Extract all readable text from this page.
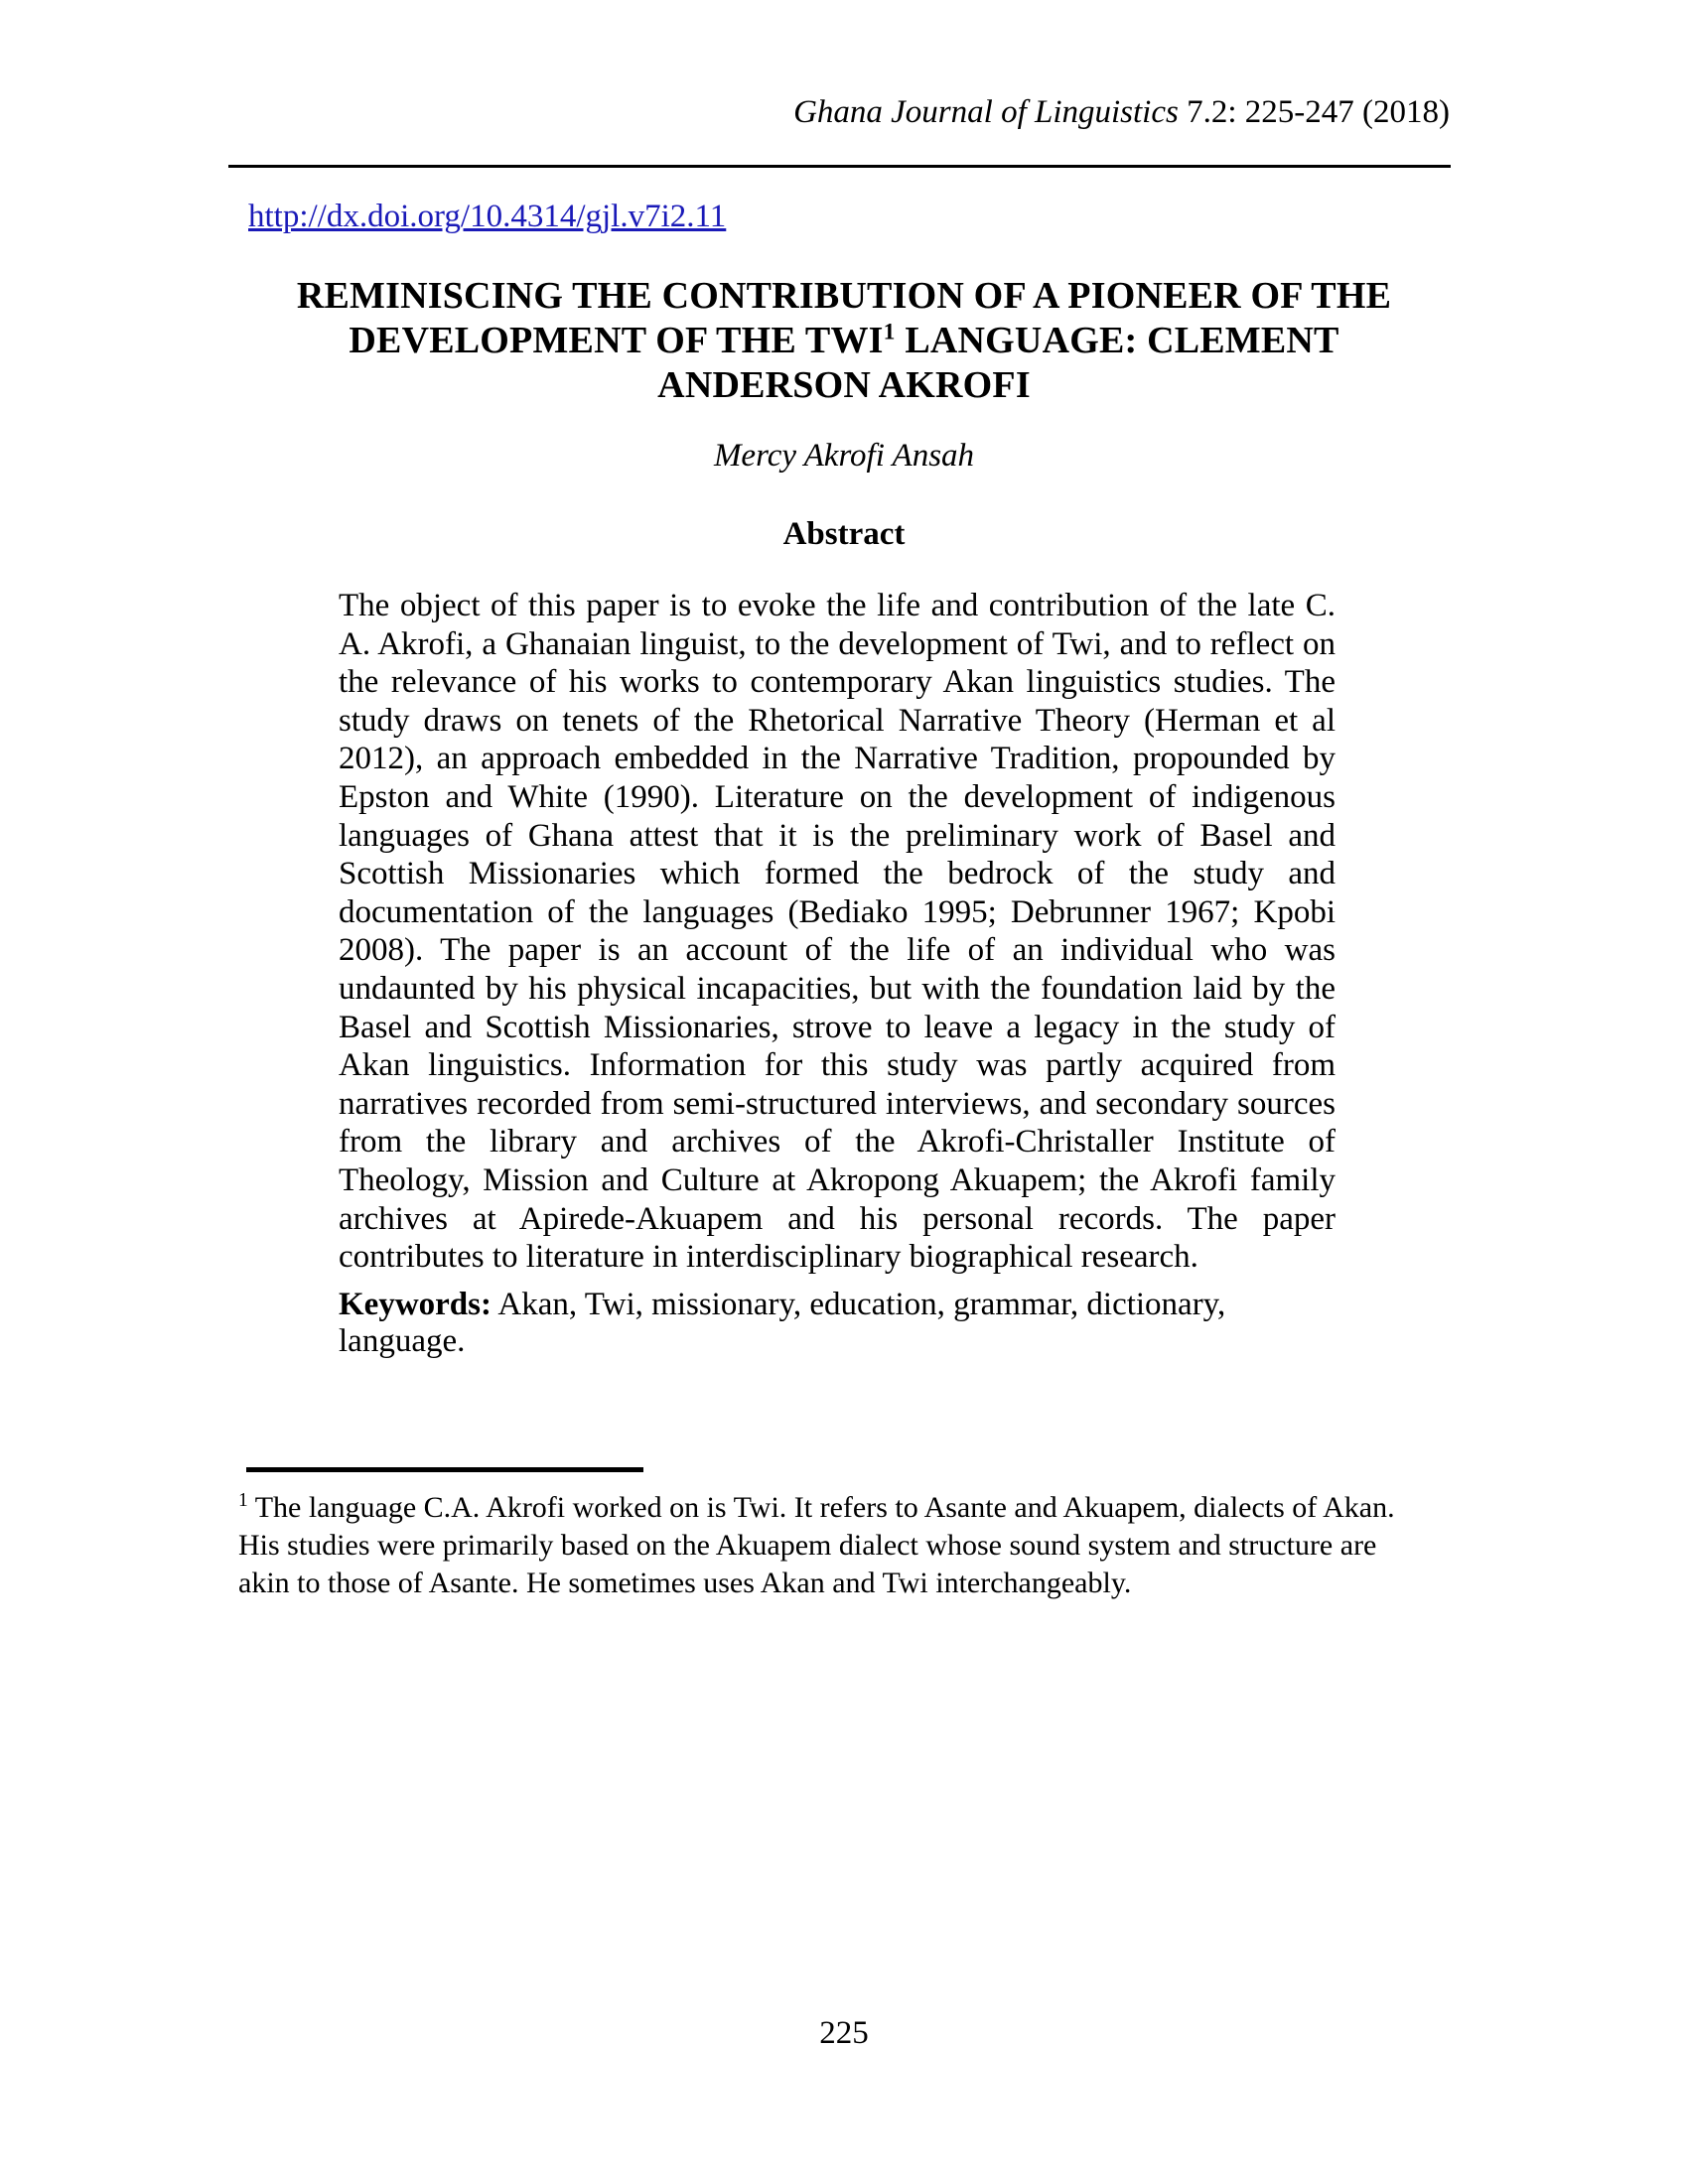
Ghana Journal of Linguistics 7.2: 225-247 (2018)
http://dx.doi.org/10.4314/gjl.v7i2.11
REMINISCING THE CONTRIBUTION OF A PIONEER OF THE
DEVELOPMENT OF THE TWI$^1$ LANGUAGE: CLEMENT
ANDERSON AKROFI
Mercy Akrofi Ansah
Abstract
The object of this paper is to evoke the life and contribution of the late C. A. Akrofi, a Ghanaian linguist, to the development of Twi, and to reflect on the relevance of his works to contemporary Akan linguistics studies. The study draws on tenets of the Rhetorical Narrative Theory (Herman et al 2012), an approach embedded in the Narrative Tradition, propounded by Epston and White (1990). Literature on the development of indigenous languages of Ghana attest that it is the preliminary work of Basel and Scottish Missionaries which formed the bedrock of the study and documentation of the languages (Bediako 1995; Debrunner 1967; Kpobi 2008). The paper is an account of the life of an individual who was undaunted by his physical incapacities, but with the foundation laid by the Basel and Scottish Missionaries, strove to leave a legacy in the study of Akan linguistics. Information for this study was partly acquired from narratives recorded from semi-structured interviews, and secondary sources from the library and archives of the Akrofi-Christaller Institute of Theology, Mission and Culture at Akropong Akuapem; the Akrofi family archives at Apirede-Akuapem and his personal records. The paper contributes to literature in interdisciplinary biographical research.
Keywords: Akan, Twi, missionary, education, grammar, dictionary, language.
$^1$ The language C.A. Akrofi worked on is Twi. It refers to Asante and Akuapem, dialects of Akan. His studies were primarily based on the Akuapem dialect whose sound system and structure are akin to those of Asante. He sometimes uses Akan and Twi interchangeably.
225
